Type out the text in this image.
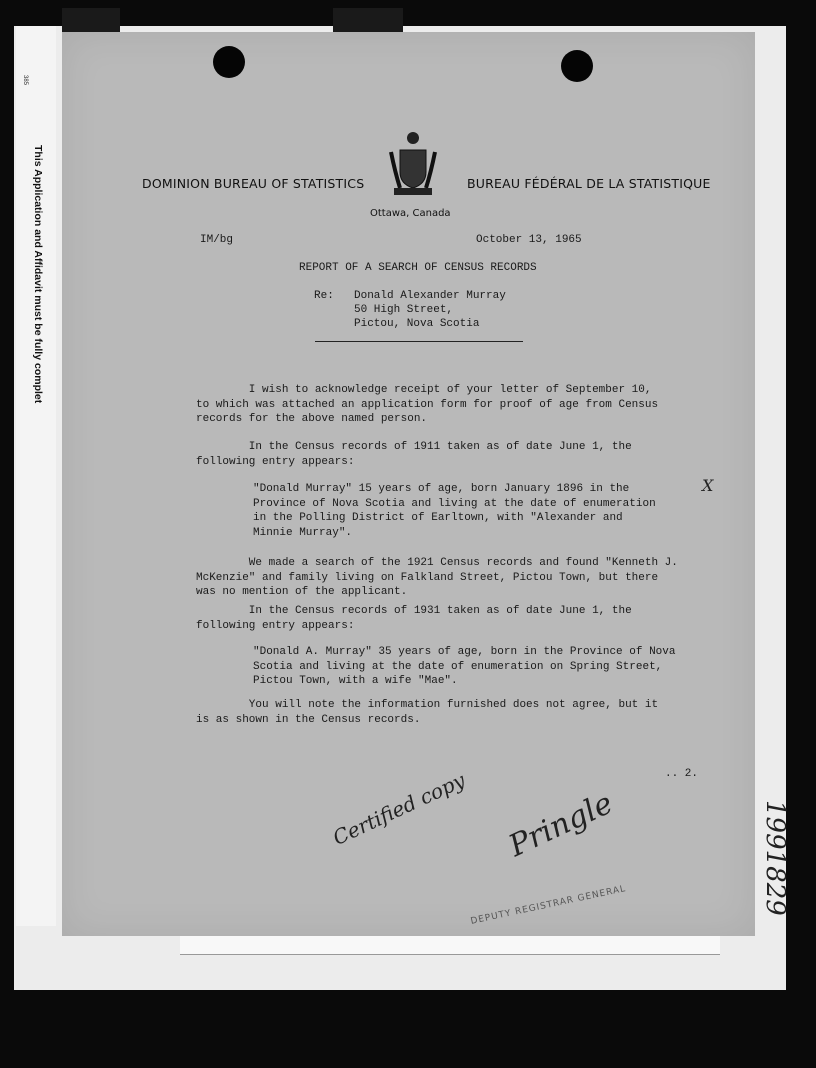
385
This Application and Affidavit must be fully complet	DOMINION BUREAU OF STATISTICS	BUREAU FÉDÉRAL DE LA STATISTIQUE
Ottawa, Canada
IM/bg	October 13, 1965
REPORT OF A SEARCH OF CENSUS RECORDS
Re: Donald Alexander Murray
50 High Street,
Pictou, Nova Scotia
I wish to acknowledge receipt of your letter of September 10,
to which was attached an application form for proof of age from Census
records for the above named person.
In the Census records of 1911 taken as of date June 1, the
following entry appears:
"Donald Murray" 15 years of age, born January 1896 in the
Province of Nova Scotia and living at the date of enumeration
in the Polling District of Earltown, with "Alexander and
Minnie Murray".
X
We made a search of the 1921 Census records and found "Kenneth J.
McKenzie" and family living on Falkland Street, Pictou Town, but there
was no mention of the applicant.
In the Census records of 1931 taken as of date June 1, the
following entry appears:
"Donald A. Murray" 35 years of age, born in the Province of Nova
Scotia and living at the date of enumeration on Spring Street,
Pictou Town, with a wife "Mae".
You will note the information furnished does not agree, but it
is as shown in the Census records.
.. 2.
Certified copy Pringle
DEPUTY REGISTRAR GENERAL	1991829
